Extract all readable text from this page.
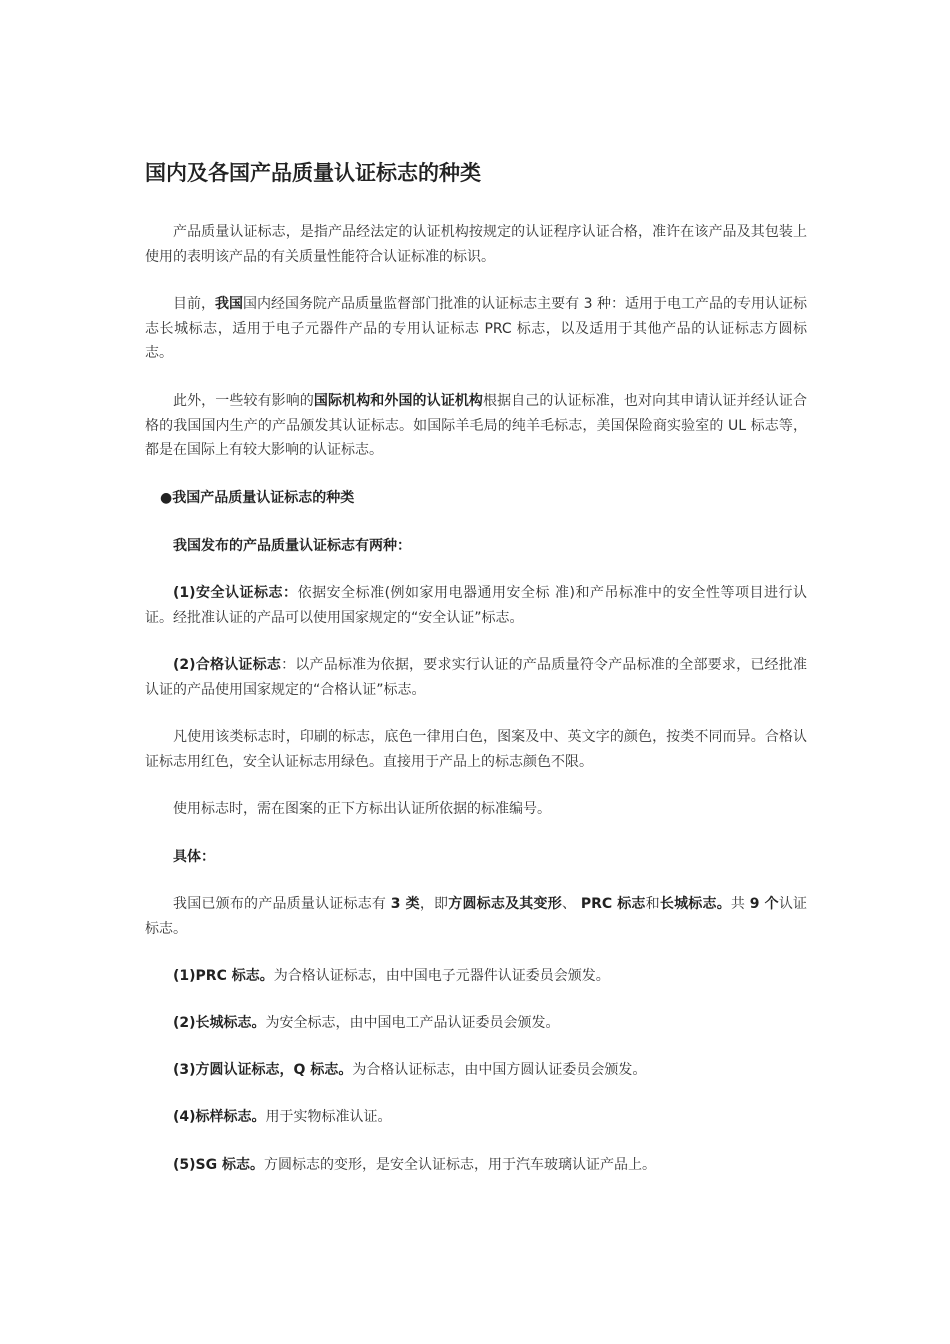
国内及各国产品质量认证标志的种类

产品质量认证标志，是指产品经法定的认证机构按规定的认证程序认证合格，准许在该产品及其包装上使用的表明该产品的有关质量性能符合认证标准的标识。

目前，我国国内经国务院产品质量监督部门批准的认证标志主要有 3 种：适用于电工产品的专用认证标志长城标志，适用于电子元器件产品的专用认证标志 PRC 标志，以及适用于其他产品的认证标志方圆标志。

此外，一些较有影响的国际机构和外国的认证机构根据自己的认证标准，也对向其申请认证并经认证合格的我国国内生产的产品颁发其认证标志。如国际羊毛局的纯羊毛标志，美国保险商实验室的 UL 标志等，都是在国际上有较大影响的认证标志。

●我国产品质量认证标志的种类

我国发布的产品质量认证标志有两种：

(1)安全认证标志：依据安全标准(例如家用电器通用安全标 准)和产吊标准中的安全性等项目进行认证。经批准认证的产品可以使用国家规定的“安全认证”标志。

(2)合格认证标志：以产品标准为依据，要求实行认证的产品质量符令产品标准的全部要求，已经批准认证的产品使用国家规定的“合格认证”标志。

凡使用该类标志时，印刷的标志，底色一律用白色，图案及中、英文字的颜色，按类不同而异。合格认证标志用红色，安全认证标志用绿色。直接用于产品上的标志颜色不限。

使用标志时，需在图案的正下方标出认证所依据的标准编号。

具体：

我国已颁布的产品质量认证标志有 3 类，即方圆标志及其变形、 PRC 标志和长城标志。共 9 个认证标志。

(1)PRC 标志。为合格认证标志，由中国电子元器件认证委员会颁发。

(2)长城标志。为安全标志，由中国电工产品认证委员会颁发。

(3)方圆认证标志，Q 标志。为合格认证标志，由中国方圆认证委员会颁发。

(4)标样标志。用于实物标准认证。

(5)SG 标志。方圆标志的变形，是安全认证标志，用于汽车玻璃认证产品上。
